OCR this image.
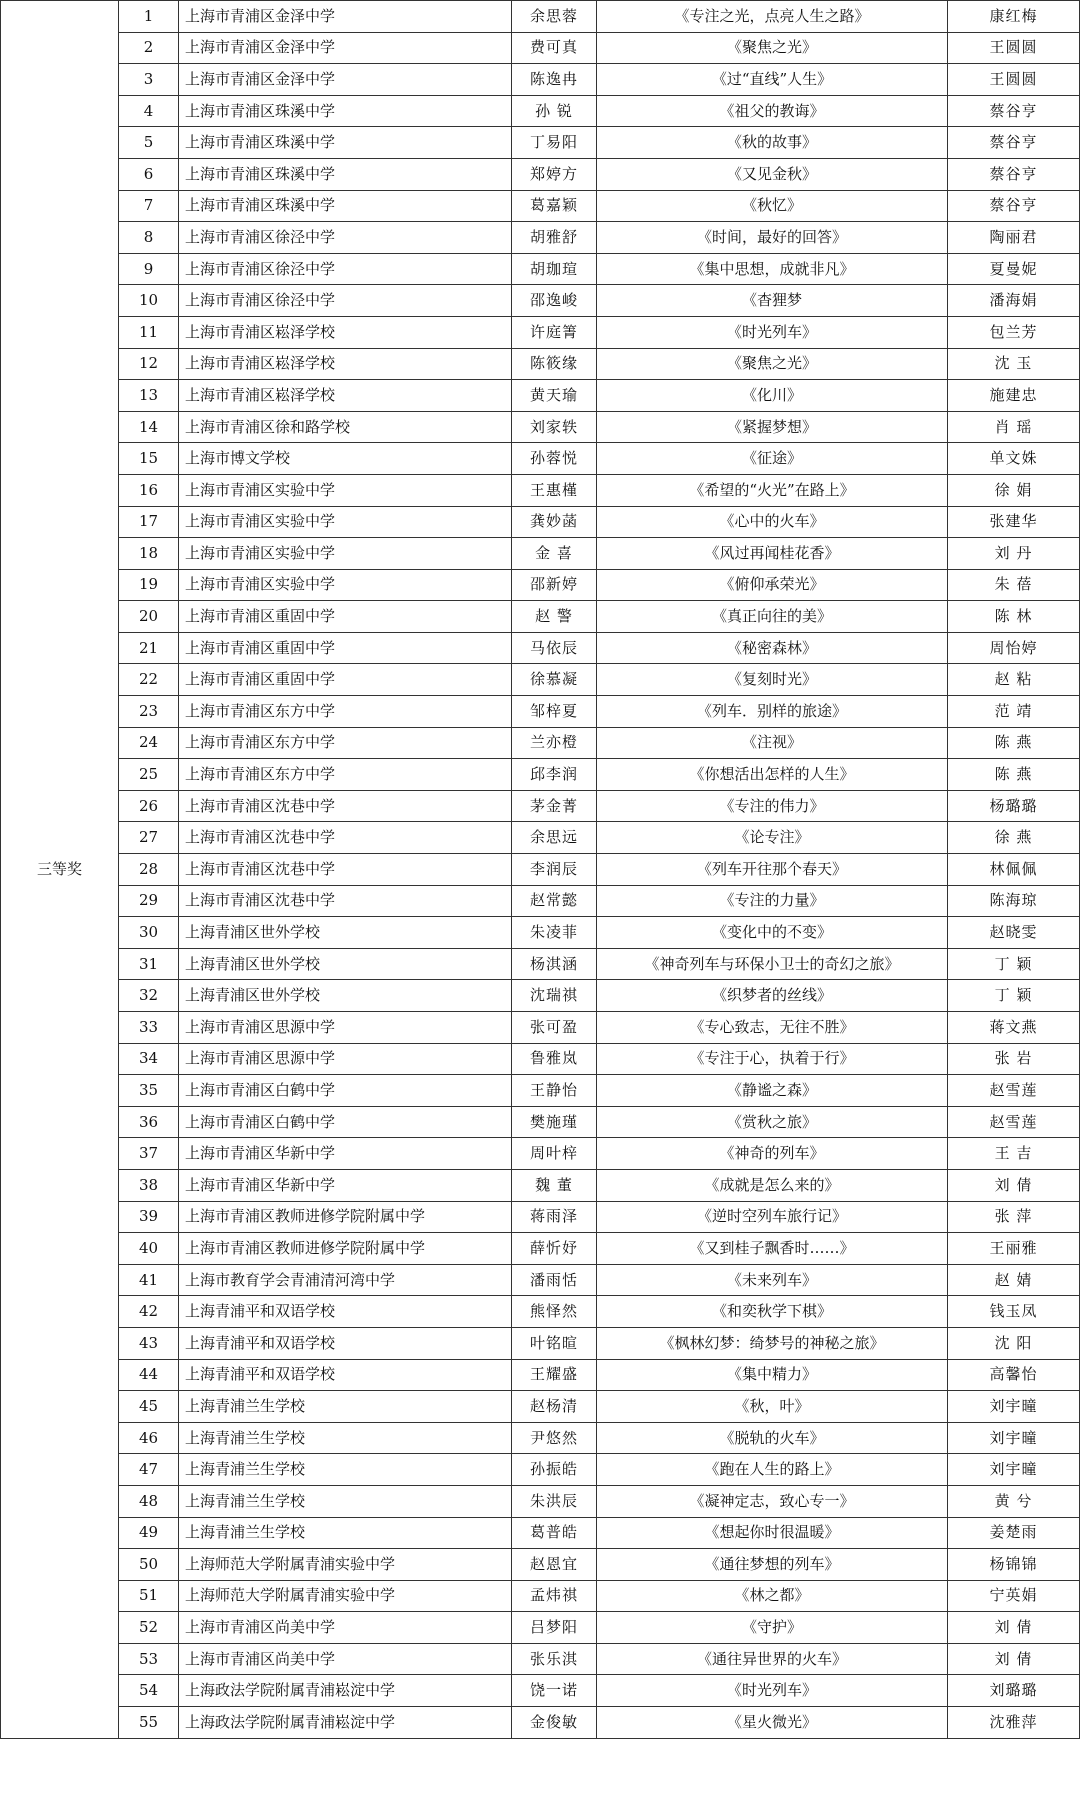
三等奖	1	上海市青浦区金泽中学	余思蓉	《专注之光，点亮人生之路》	康红梅
	2	上海市青浦区金泽中学	费可真	《聚焦之光》	王圆圆
	3	上海市青浦区金泽中学	陈逸冉	《过“直线”人生》	王圆圆
	4	上海市青浦区珠溪中学	孙 锐	《祖父的教诲》	蔡谷亨
	5	上海市青浦区珠溪中学	丁易阳	《秋的故事》	蔡谷亨
	6	上海市青浦区珠溪中学	郑婷方	《又见金秋》	蔡谷亨
	7	上海市青浦区珠溪中学	葛嘉颖	《秋忆》	蔡谷亨
	8	上海市青浦区徐泾中学	胡雅舒	《时间，最好的回答》	陶丽君
	9	上海市青浦区徐泾中学	胡珈瑄	《集中思想，成就非凡》	夏曼妮
	10	上海市青浦区徐泾中学	邵逸峻	《杳狸梦	潘海娟
	11	上海市青浦区崧泽学校	许庭箐	《时光列车》	包兰芳
	12	上海市青浦区崧泽学校	陈筱缘	《聚焦之光》	沈 玉
	13	上海市青浦区崧泽学校	黄天瑜	《化川》	施建忠
	14	上海市青浦区徐和路学校	刘家轶	《紧握梦想》	肖 瑶
	15	上海市博文学校	孙蓉悦	《征途》	单文姝
	16	上海市青浦区实验中学	王惠槿	《希望的“火光”在路上》	徐 娟
	17	上海市青浦区实验中学	龚妙菡	《心中的火车》	张建华
	18	上海市青浦区实验中学	金 喜	《风过再闻桂花香》	刘 丹
	19	上海市青浦区实验中学	邵新婷	《俯仰承荣光》	朱 蓓
	20	上海市青浦区重固中学	赵 警	《真正向往的美》	陈 林
	21	上海市青浦区重固中学	马依辰	《秘密森林》	周怡婷
	22	上海市青浦区重固中学	徐慕凝	《复刻时光》	赵 粘
	23	上海市青浦区东方中学	邹梓夏	《列车．别样的旅途》	范 靖
	24	上海市青浦区东方中学	兰亦橙	《注视》	陈 燕
	25	上海市青浦区东方中学	邱李润	《你想活出怎样的人生》	陈 燕
	26	上海市青浦区沈巷中学	茅金菁	《专注的伟力》	杨璐璐
	27	上海市青浦区沈巷中学	余思远	《论专注》	徐 燕
	28	上海市青浦区沈巷中学	李润辰	《列车开往那个春天》	林佩佩
	29	上海市青浦区沈巷中学	赵常懿	《专注的力量》	陈海琼
	30	上海青浦区世外学校	朱凌菲	《变化中的不变》	赵晓雯
	31	上海青浦区世外学校	杨淇涵	《神奇列车与环保小卫士的奇幻之旅》	丁 颖
	32	上海青浦区世外学校	沈瑞祺	《织梦者的丝线》	丁 颖
	33	上海市青浦区思源中学	张可盈	《专心致志，无往不胜》	蒋文燕
	34	上海市青浦区思源中学	鲁雅岚	《专注于心，执着于行》	张 岩
	35	上海市青浦区白鹤中学	王静怡	《静谧之森》	赵雪莲
	36	上海市青浦区白鹤中学	樊施瑾	《赏秋之旅》	赵雪莲
	37	上海市青浦区华新中学	周叶梓	《神奇的列车》	王 吉
	38	上海市青浦区华新中学	魏 董	《成就是怎么来的》	刘 倩
	39	上海市青浦区教师进修学院附属中学	蒋雨泽	《逆时空列车旅行记》	张 萍
	40	上海市青浦区教师进修学院附属中学	薛忻妤	《又到桂子飘香时……》	王丽雅
	41	上海市教育学会青浦清河湾中学	潘雨恬	《未来列车》	赵 婧
	42	上海青浦平和双语学校	熊怿然	《和奕秋学下棋》	钱玉凤
	43	上海青浦平和双语学校	叶铭暄	《枫林幻梦：绮梦号的神秘之旅》	沈 阳
	44	上海青浦平和双语学校	王耀盛	《集中精力》	高馨怡
	45	上海青浦兰生学校	赵杨清	《秋，叶》	刘宇曈
	46	上海青浦兰生学校	尹悠然	《脱轨的火车》	刘宇曈
	47	上海青浦兰生学校	孙振皓	《跑在人生的路上》	刘宇曈
	48	上海青浦兰生学校	朱洪辰	《凝神定志，致心专一》	黄 兮
	49	上海青浦兰生学校	葛普皓	《想起你时很温暖》	姜楚雨
	50	上海师范大学附属青浦实验中学	赵恩宜	《通往梦想的列车》	杨锦锦
	51	上海师范大学附属青浦实验中学	孟炜祺	《林之都》	宁英娟
	52	上海市青浦区尚美中学	吕梦阳	《守护》	刘 倩
	53	上海市青浦区尚美中学	张乐淇	《通往异世界的火车》	刘 倩
	54	上海政法学院附属青浦崧淀中学	饶一诺	《时光列车》	刘璐璐
	55	上海政法学院附属青浦崧淀中学	金俊敏	《星火微光》	沈雅萍
